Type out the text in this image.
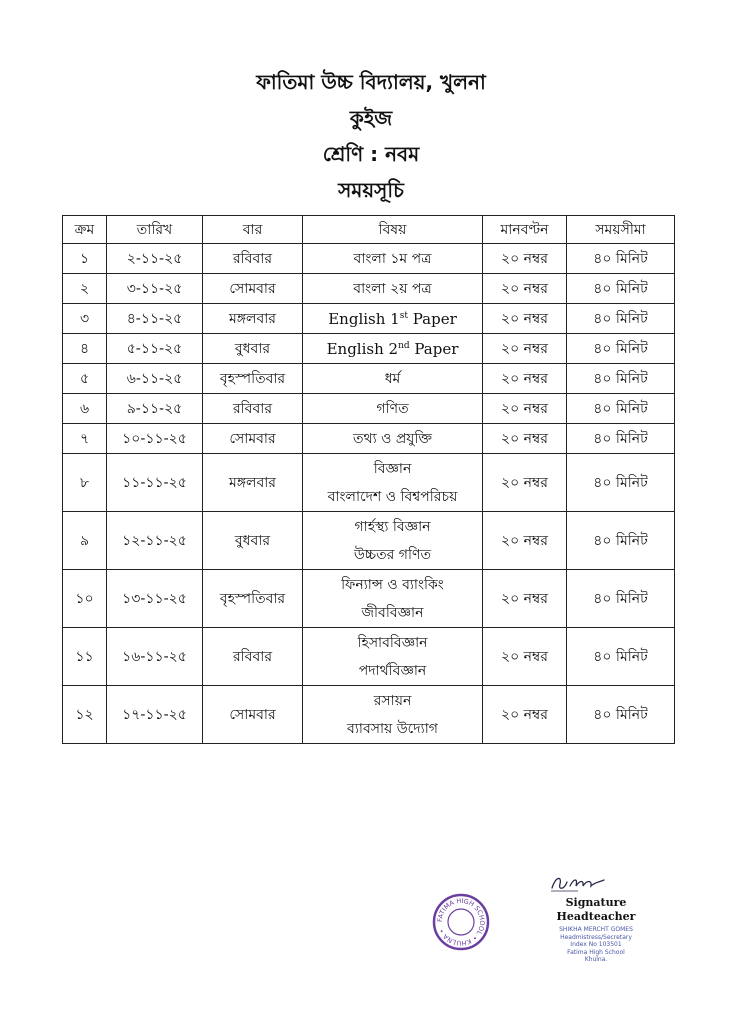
ফাতিমা উচ্চ বিদ্যালয়, খুলনা
কুইজ
শ্রেণি : নবম
সময়সূচি
ক্রম	তারিখ	বার	বিষয়	মানবণ্টন	সময়সীমা
১	২-১১-২৫	রবিবার	বাংলা ১ম পত্র	২০ নম্বর	৪০ মিনিট
২	৩-১১-২৫	সোমবার	বাংলা ২য় পত্র	২০ নম্বর	৪০ মিনিট
৩	৪-১১-২৫	মঙ্গলবার	English 1st Paper	২০ নম্বর	৪০ মিনিট
৪	৫-১১-২৫	বুধবার	English 2nd Paper	২০ নম্বর	৪০ মিনিট
৫	৬-১১-২৫	বৃহস্পতিবার	ধর্ম	২০ নম্বর	৪০ মিনিট
৬	৯-১১-২৫	রবিবার	গণিত	২০ নম্বর	৪০ মিনিট
৭	১০-১১-২৫	সোমবার	তথ্য ও প্রযুক্তি	২০ নম্বর	৪০ মিনিট
৮	১১-১১-২৫	মঙ্গলবার	বিজ্ঞান
বাংলাদেশ ও বিশ্বপরিচয়	২০ নম্বর	৪০ মিনিট
৯	১২-১১-২৫	বুধবার	গার্হস্থ্য বিজ্ঞান
উচ্চতর গণিত	২০ নম্বর	৪০ মিনিট
১০	১৩-১১-২৫	বৃহস্পতিবার	ফিন্যান্স ও ব্যাংকিং
জীববিজ্ঞান	২০ নম্বর	৪০ মিনিট
১১	১৬-১১-২৫	রবিবার	হিসাববিজ্ঞান
পদার্থবিজ্ঞান	২০ নম্বর	৪০ মিনিট
১২	১৭-১১-২৫	সোমবার	রসায়ন
ব্যাবসায় উদ্যোগ	২০ নম্বর	৪০ মিনিট
FATIMA HIGH SCHOOL • KHULNA •
Signature
Headteacher
SHIKHA MERCHT GOMES
Headmistress/Secretary
Index No 103501
Fatima High School
Khulna.
